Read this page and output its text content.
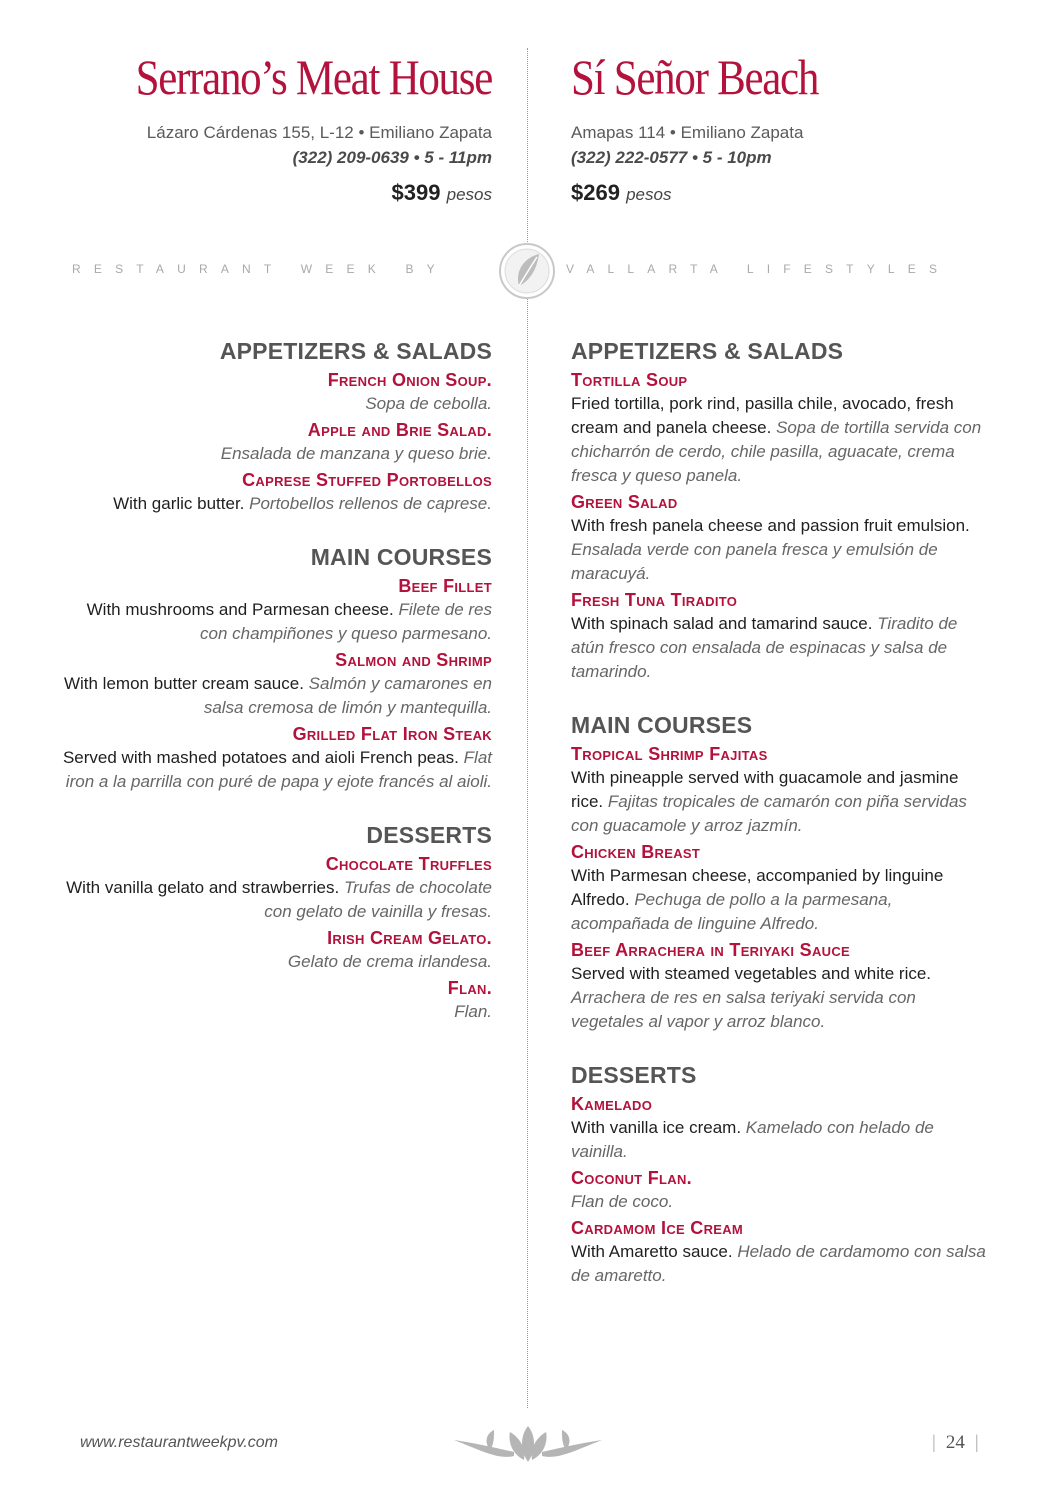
Serrano’s Meat House
Lázaro Cárdenas 155, L-12 • Emiliano Zapata
(322) 209-0639 • 5 - 11pm
$399 pesos
Sí Señor Beach
Amapas 114 • Emiliano Zapata
(322) 222-0577 • 5 - 10pm
$269 pesos
RESTAURANT WEEK BY	VALLARTA LIFESTYLES
APPETIZERS & SALADS
French Onion Soup.
Sopa de cebolla.
Apple and Brie Salad.
Ensalada de manzana y queso brie.
Caprese Stuffed Portobellos
With garlic butter. Portobellos rellenos de caprese.
MAIN COURSES
Beef Fillet
With mushrooms and Parmesan cheese. Filete de res con champiñones y queso parmesano.
Salmon and Shrimp
With lemon butter cream sauce. Salmón y camarones en salsa cremosa de limón y mantequilla.
Grilled Flat Iron Steak
Served with mashed potatoes and aioli French peas. Flat iron a la parrilla con puré de papa y ejote francés al aioli.
DESSERTS
Chocolate Truffles
With vanilla gelato and strawberries. Trufas de chocolate con gelato de vainilla y fresas.
Irish Cream Gelato.
Gelato de crema irlandesa.
Flan.
Flan.
APPETIZERS & SALADS
Tortilla Soup
Fried tortilla, pork rind, pasilla chile, avocado, fresh cream and panela cheese. Sopa de tortilla servida con chicharrón de cerdo, chile pasilla, aguacate, crema fresca y queso panela.
Green Salad
With fresh panela cheese and passion fruit emulsion. Ensalada verde con panela fresca y emulsión de maracuyá.
Fresh Tuna Tiradito
With spinach salad and tamarind sauce. Tiradito de atún fresco con ensalada de espinacas y salsa de tamarindo.
MAIN COURSES
Tropical Shrimp Fajitas
With pineapple served with guacamole and jasmine rice. Fajitas tropicales de camarón con piña servidas con guacamole y arroz jazmín.
Chicken Breast
With Parmesan cheese, accompanied by linguine Alfredo. Pechuga de pollo a la parmesana, acompañada de linguine Alfredo.
Beef Arrachera in Teriyaki Sauce
Served with steamed vegetables and white rice. Arrachera de res en salsa teriyaki servida con vegetales al vapor y arroz blanco.
DESSERTS
Kamelado
With vanilla ice cream. Kamelado con helado de vainilla.
Coconut Flan.
Flan de coco.
Cardamom Ice Cream
With Amaretto sauce. Helado de cardamomo con salsa de amaretto.
www.restaurantweekpv.com	| 24 |
